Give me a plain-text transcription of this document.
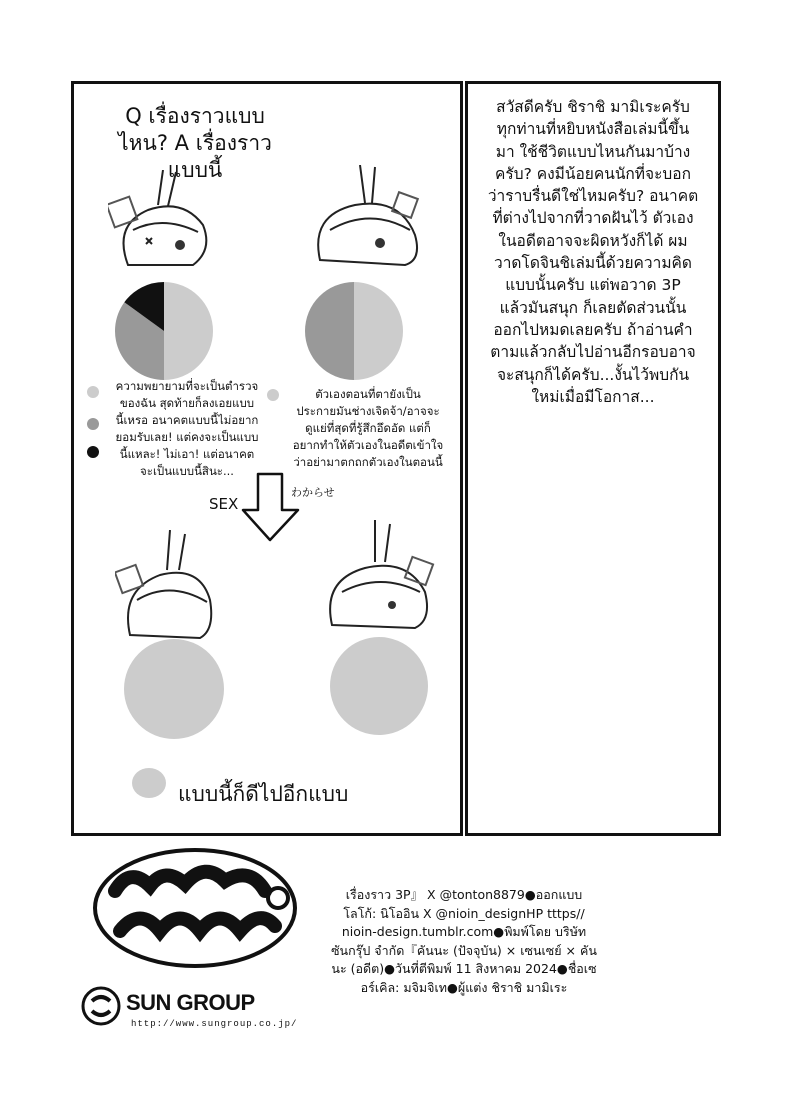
Q เรื่องราวแบบ
ไหน? A เรื่องราว
แบบนี้
ความพยายามที่จะเป็นตำรวจ
ของฉัน สุดท้ายก็ลงเอยแบบ
นี้เหรอ อนาคตแบบนี้ไม่อยาก
ยอมรับเลย! แต่คงจะเป็นแบบ
นี้แหละ! ไม่เอา! แต่อนาคต
จะเป็นแบบนี้สินะ...
ตัวเองตอนที่ตายังเป็น
ประกายมันช่างเจิดจ้า/อาจจะ
ดูแย่ที่สุดที่รู้สึกอึดอัด แต่ก็
อยากทำให้ตัวเองในอดีตเข้าใจ
ว่าอย่ามาตกถกตัวเองในตอนนี้
SEX
わからせ
แบบนี้ก็ดีไปอีกแบบ
สวัสดีครับ ชิราชิ มามิเระครับ
ทุกท่านที่หยิบหนังสือเล่มนี้ขึ้น
มา ใช้ชีวิตแบบไหนกันมาบ้าง
ครับ? คงมีน้อยคนนักที่จะบอก
ว่าราบรื่นดีใช่ไหมครับ? อนาคต
ที่ต่างไปจากที่วาดฝันไว้ ตัวเอง
ในอดีตอาจจะผิดหวังก็ได้ ผม
วาดโดจินชิเล่มนี้ด้วยความคิด
แบบนั้นครับ แต่พอวาด 3P
แล้วมันสนุก ก็เลยตัดส่วนนั้น
ออกไปหมดเลยครับ ถ้าอ่านคำ
ตามแล้วกลับไปอ่านอีกรอบอาจ
จะสนุกก็ได้ครับ...งั้นไว้พบกัน
ใหม่เมื่อมีโอกาส...
เรื่องราว 3P』 X @tonton8879●ออกแบบ
โลโก้: นิโออิน X @nioin_designHP tttps//
nioin-design.tumblr.com●พิมพ์โดย บริษัท
ซันกรุ๊ป จำกัด『คันนะ (ปัจจุบัน) × เซนเซย์ × คัน
นะ (อดีต)●วันที่ตีพิมพ์ 11 สิงหาคม 2024●ชื่อเซ
อร์เคิล: มจิมจิเท●ผู้แต่ง ชิราชิ มามิเระ
SUN GROUP
http://www.sungroup.co.jp/
